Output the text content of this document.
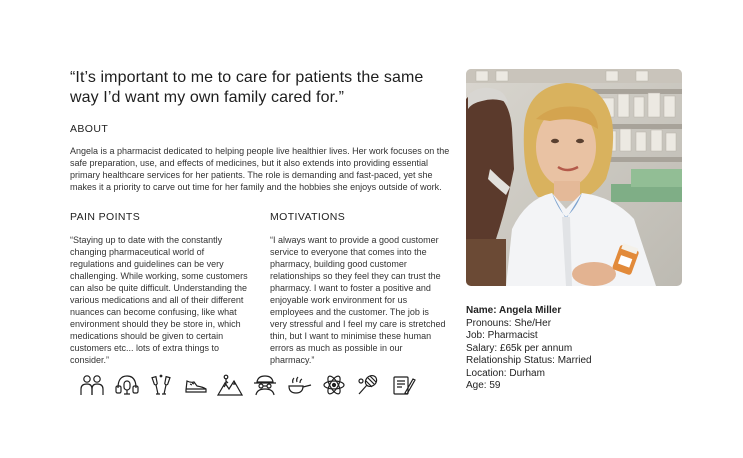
“It’s important to me to care for patients the same way I’d want my own family cared for.”
ABOUT
Angela is a pharmacist dedicated to helping people live healthier lives. Her work focuses on the safe preparation, use, and effects of medicines, but it also extends into providing essential primary healthcare services for her patients. The role is demanding and fast-paced, yet she makes it a priority to carve out time for her family and the hobbies she enjoys outside of work.
PAIN POINTS
“Staying up to date with the constantly changing pharmaceutical world of regulations and guidelines can be very challenging. While working, some customers can also be quite difficult. Understanding the various medications and all of their different nuances can become confusing, like what environment should they be store in, which medications should be given to certain customers etc... lots of extra things to consider.”
MOTIVATIONS
“I always want to provide a good customer service to everyone that comes into the pharmacy, building good customer relationships so they feel they can trust the pharmacy. I want to foster a positive and enjoyable work environment for us employees and the customer. The job is very stressful and I feel my care is stretched thin, but I want to minimise these human errors as much as possible in our pharmacy.”
Name: Angela Miller
Pronouns: She/Her
Job: Pharmacist
Salary: £65k per annum
Relationship Status: Married
Location: Durham
Age: 59
